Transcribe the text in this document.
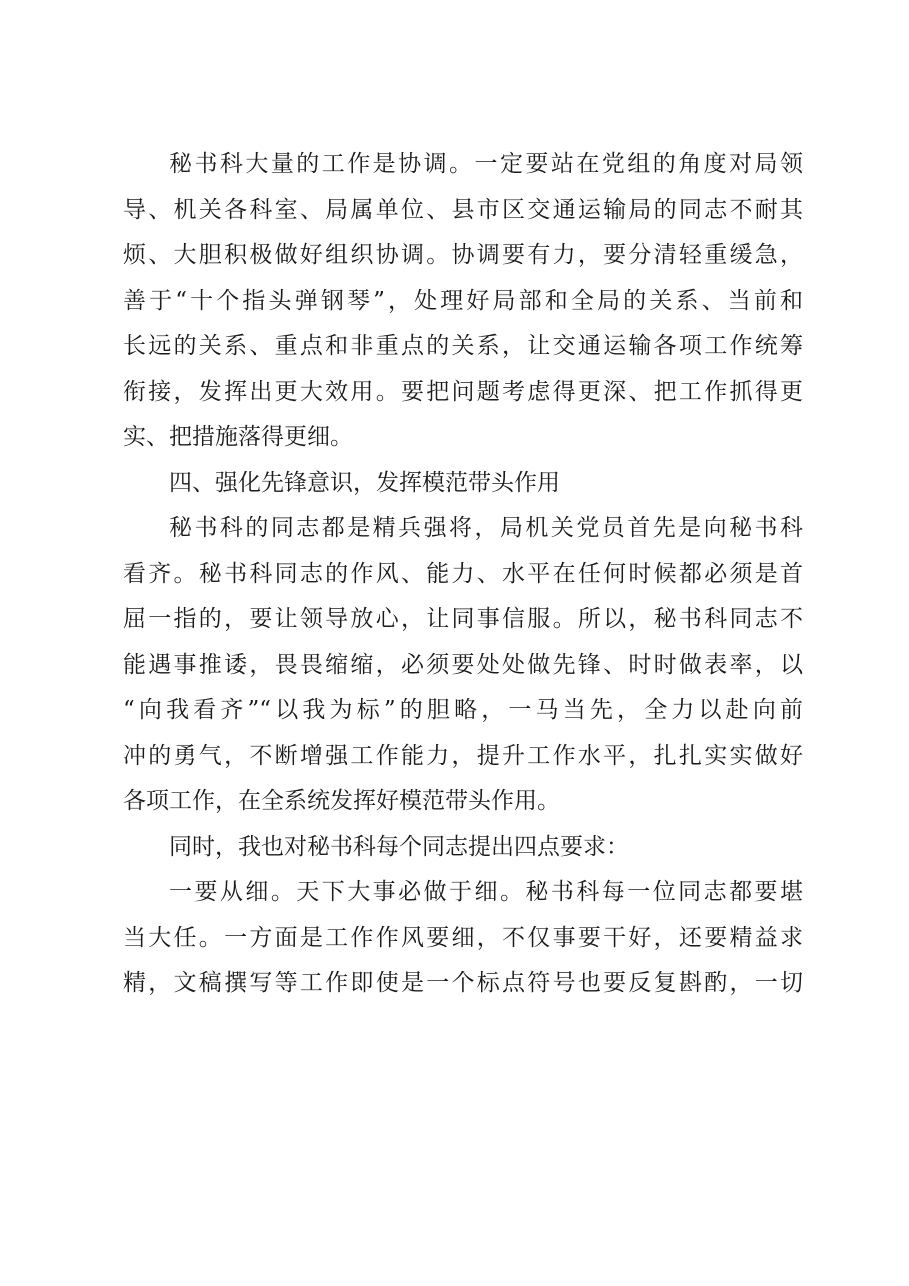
秘书科大量的工作是协调。一定要站在党组的角度对局领
导、机关各科室、局属单位、县市区交通运输局的同志不耐其
烦、大胆积极做好组织协调。协调要有力，要分清轻重缓急，
善于“十个指头弹钢琴”，处理好局部和全局的关系、当前和
长远的关系、重点和非重点的关系，让交通运输各项工作统筹
衔接，发挥出更大效用。要把问题考虑得更深、把工作抓得更
实、把措施落得更细。
四、强化先锋意识，发挥模范带头作用
秘书科的同志都是精兵强将，局机关党员首先是向秘书科
看齐。秘书科同志的作风、能力、水平在任何时候都必须是首
屈一指的，要让领导放心，让同事信服。所以，秘书科同志不
能遇事推诿，畏畏缩缩，必须要处处做先锋、时时做表率，以
“向我看齐”“以我为标”的胆略，一马当先，全力以赴向前
冲的勇气，不断增强工作能力，提升工作水平，扎扎实实做好
各项工作，在全系统发挥好模范带头作用。
同时，我也对秘书科每个同志提出四点要求：
一要从细。天下大事必做于细。秘书科每一位同志都要堪
当大任。一方面是工作作风要细，不仅事要干好，还要精益求
精，文稿撰写等工作即使是一个标点符号也要反复斟酌，一切
